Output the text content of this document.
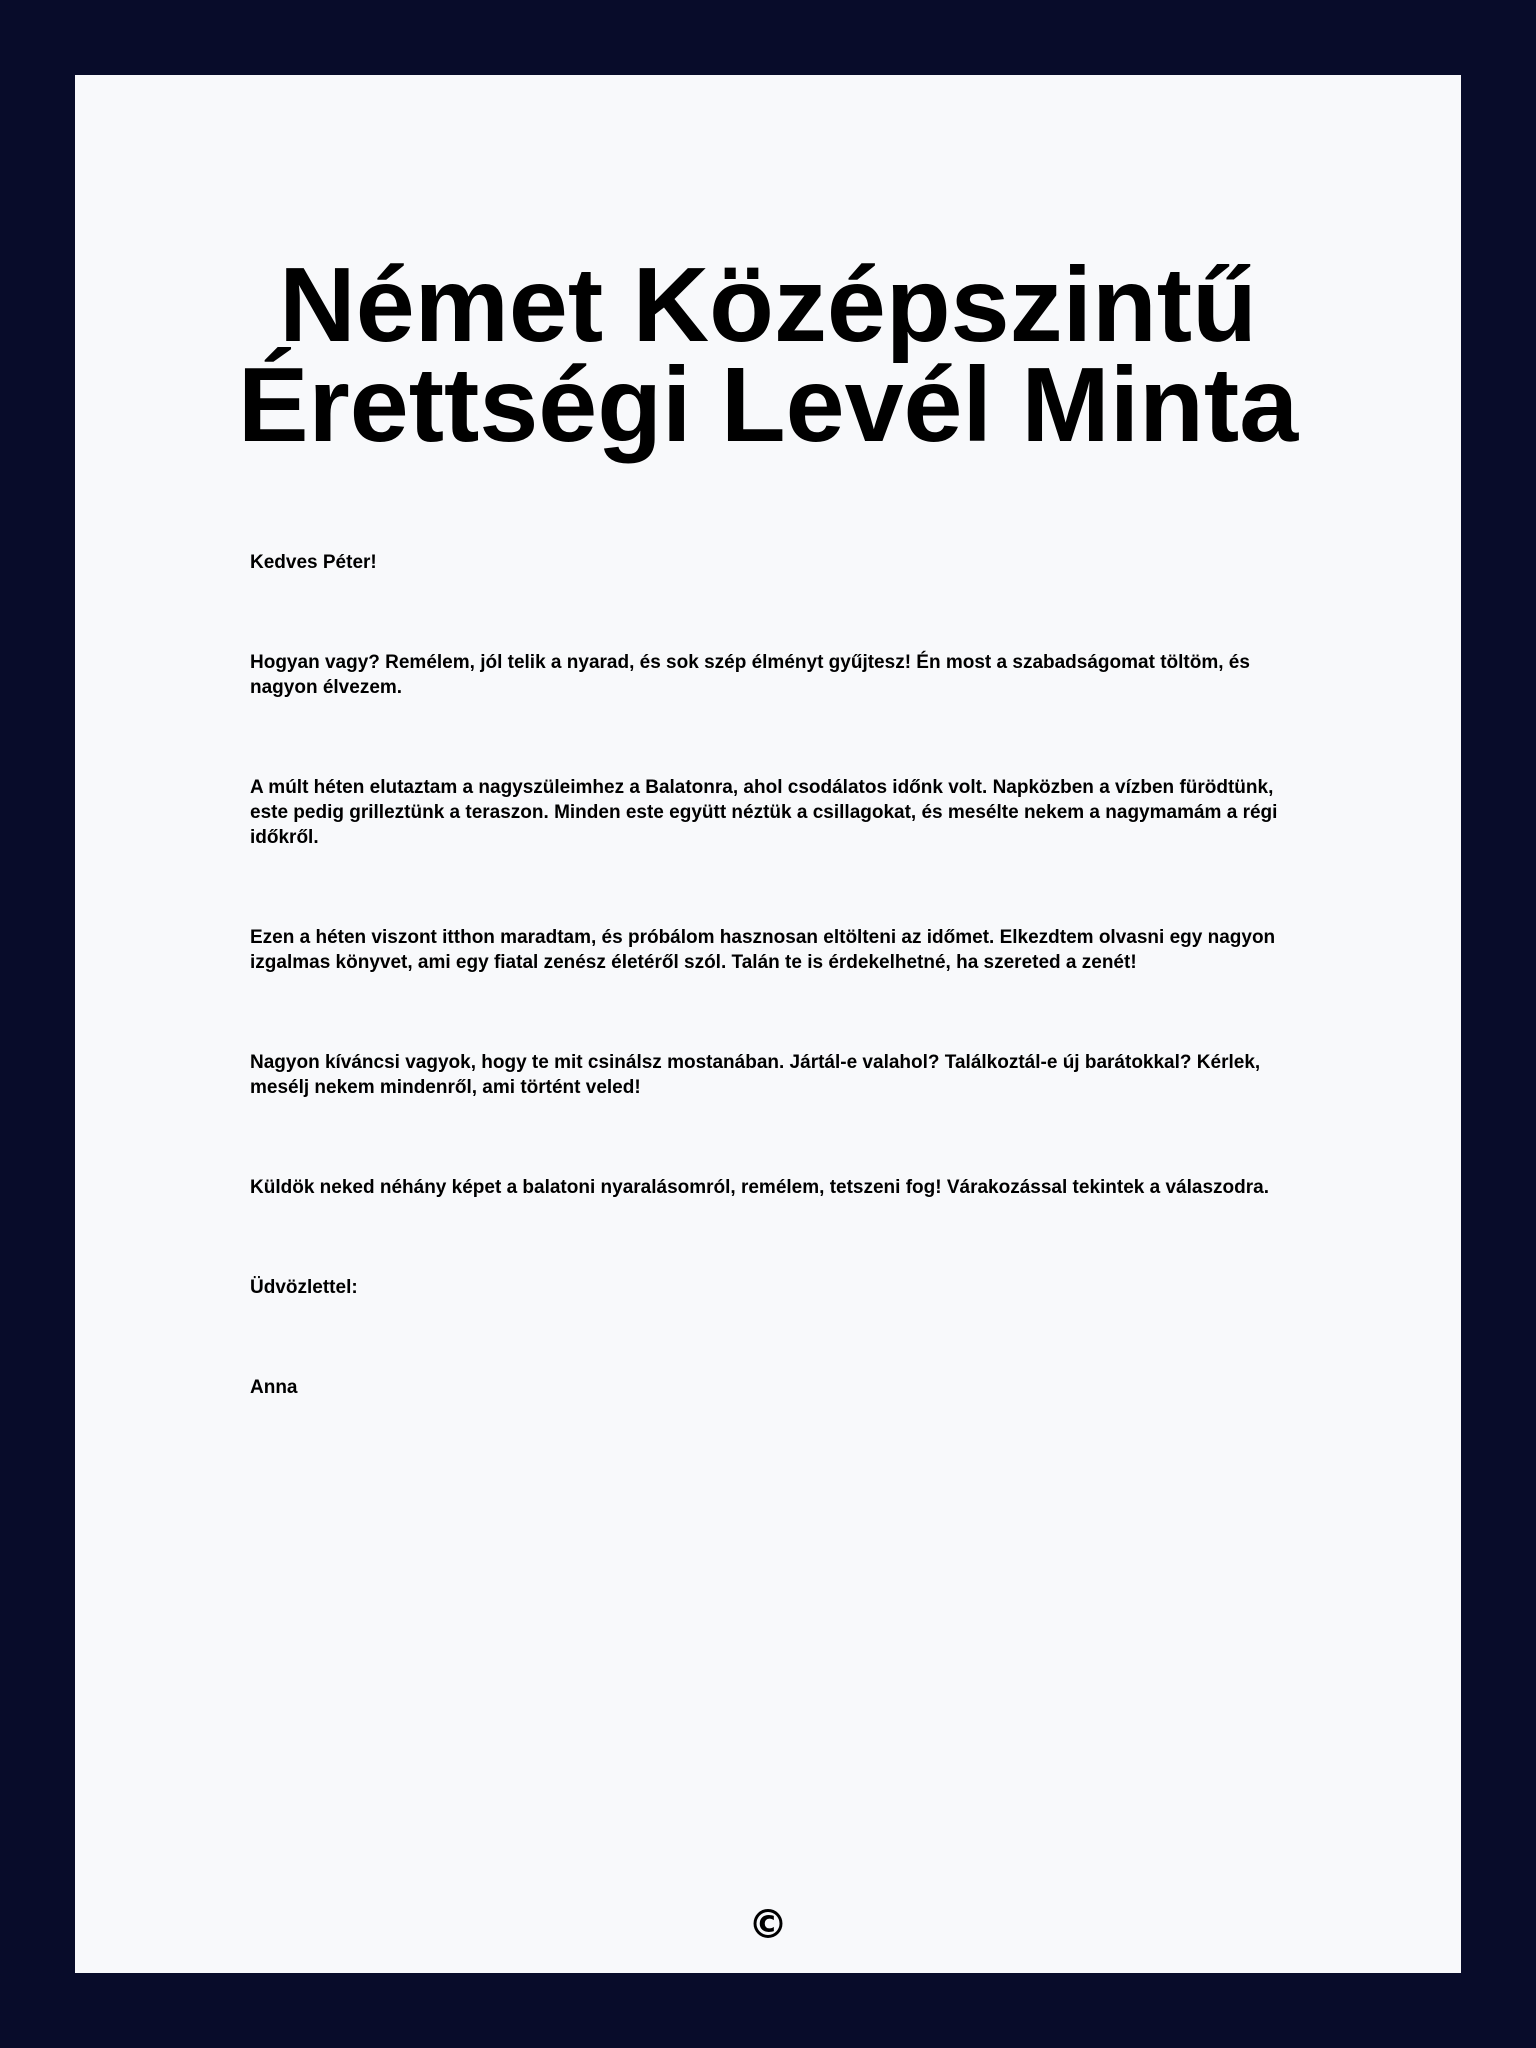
Német Középszintű Érettségi Levél Minta

Kedves Péter!

Hogyan vagy? Remélem, jól telik a nyarad, és sok szép élményt gyűjtesz! Én most a szabadságomat töltöm, és nagyon élvezem.

A múlt héten elutaztam a nagyszüleimhez a Balatonra, ahol csodálatos időnk volt. Napközben a vízben fürödtünk, este pedig grilleztünk a teraszon. Minden este együtt néztük a csillagokat, és mesélte nekem a nagymamám a régi időkről.

Ezen a héten viszont itthon maradtam, és próbálom hasznosan eltölteni az időmet. Elkezdtem olvasni egy nagyon izgalmas könyvet, ami egy fiatal zenész életéről szól. Talán te is érdekelhetné, ha szereted a zenét!

Nagyon kíváncsi vagyok, hogy te mit csinálsz mostanában. Jártál-e valahol? Találkoztál-e új barátokkal? Kérlek, mesélj nekem mindenről, ami történt veled!

Küldök neked néhány képet a balatoni nyaralásomról, remélem, tetszeni fog! Várakozással tekintek a válaszodra.

Üdvözlettel:

Anna

©
